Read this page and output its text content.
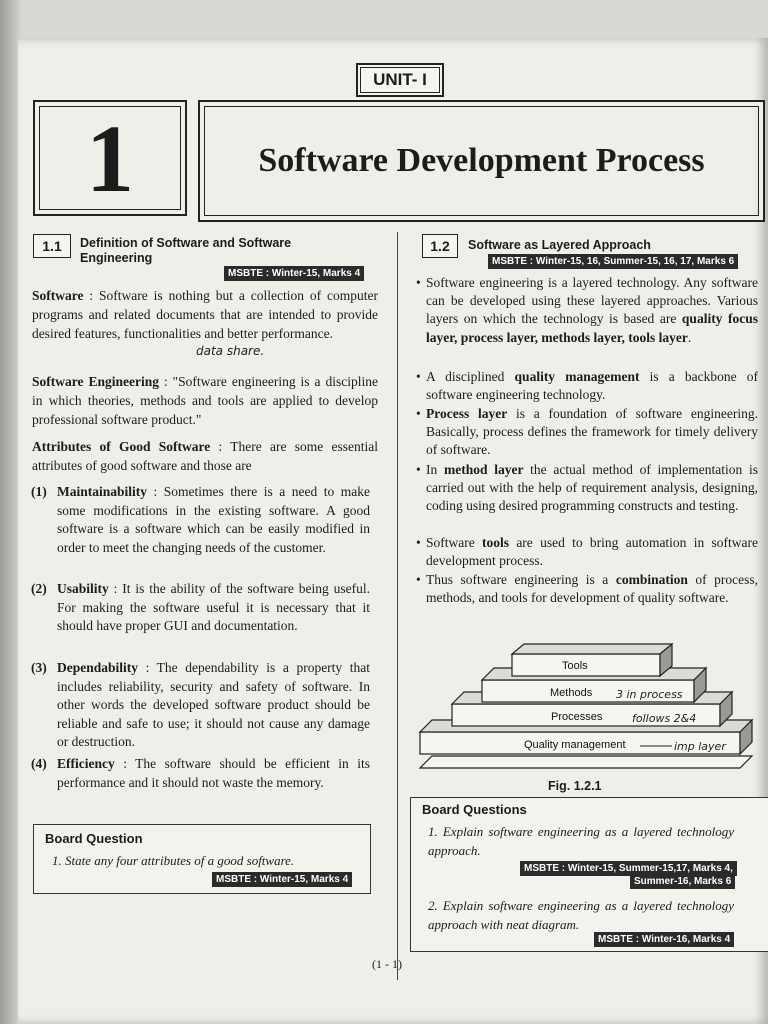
UNIT- I
1	Software Development Process
1.1	Definition of Software and Software Engineering
MSBTE : Winter-15, Marks 4
Software : Software is nothing but a collection of computer programs and related documents that are intended to provide desired features, functionalities and better performance.
data share.
Software Engineering : "Software engineering is a discipline in which theories, methods and tools are applied to develop professional software product."
Attributes of Good Software : There are some essential attributes of good software and those are
(1) Maintainability : Sometimes there is a need to make some modifications in the existing software. A good software is a software which can be easily modified in order to meet the changing needs of the customer.
(2) Usability : It is the ability of the software being useful. For making the software useful it is necessary that it should have proper GUI and documentation.
(3) Dependability : The dependability is a property that includes reliability, security and safety of software. In other words the developed software product should be reliable and safe to use; it should not cause any damage or destruction.
(4) Efficiency : The software should be efficient in its performance and it should not waste the memory.
Board Question
1. State any four attributes of a good software.
MSBTE : Winter-15, Marks 4
1.2	Software as Layered Approach
MSBTE : Winter-15, 16, Summer-15, 16, 17, Marks 6
• Software engineering is a layered technology. Any software can be developed using these layered approaches. Various layers on which the technology is based are quality focus layer, process layer, methods layer, tools layer.
• A disciplined quality management is a backbone of software engineering technology.
• Process layer is a foundation of software engineering. Basically, process defines the framework for timely delivery of software.
• In method layer the actual method of implementation is carried out with the help of requirement analysis, designing, coding using desired programming constructs and testing.
• Software tools are used to bring automation in software development process.
• Thus software engineering is a combination of process, methods, and tools for development of quality software.
Quality management
Processes
Methods
Tools
3 in process
follows 2&4
imp layer
Fig. 1.2.1
Board Questions
1. Explain software engineering as a layered technology approach.
MSBTE : Winter-15, Summer-15,17, Marks 4,
Summer-16, Marks 6
2. Explain software engineering as a layered technology approach with neat diagram.
MSBTE : Winter-16, Marks 4
(1 - 1)
